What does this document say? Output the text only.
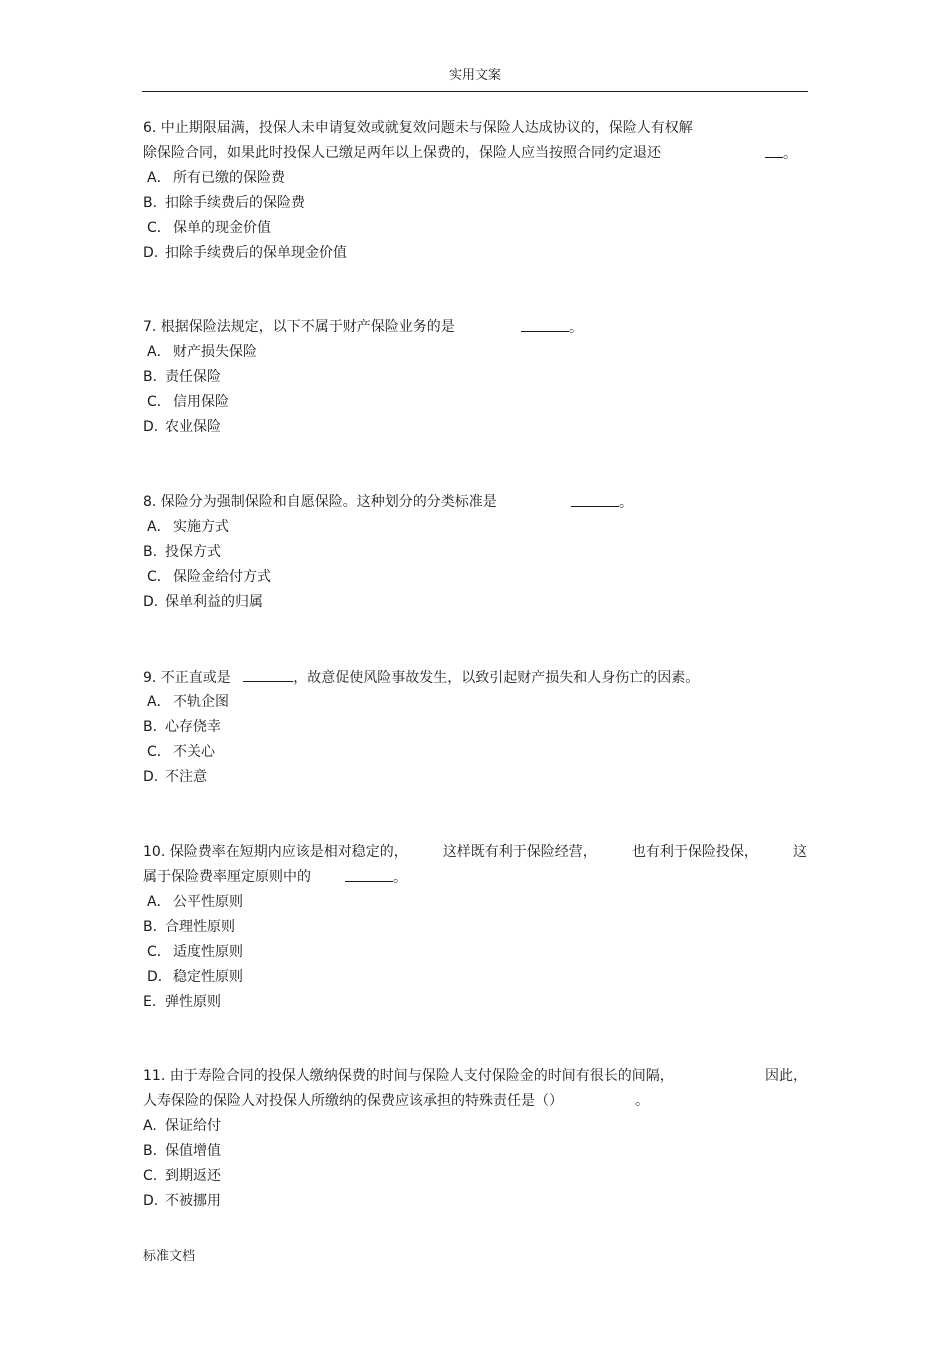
实用文案
6. 中止期限届满，投保人未申请复效或就复效问题未与保险人达成协议的，保险人有权解
除保险合同，如果此时投保人已缴足两年以上保费的，保险人应当按照合同约定退还	。
A． 所有已缴的保险费
B. 扣除手续费后的保险费
C． 保单的现金价值
D. 扣除手续费后的保单现金价值
7. 根据保险法规定，以下不属于财产保险业务的是	。
A． 财产损失保险
B. 责任保险
C． 信用保险
D. 农业保险
8. 保险分为强制保险和自愿保险。这种划分的分类标准是	。
A． 实施方式
B. 投保方式
C． 保险金给付方式
D. 保单利益的归属
9. 不正直或是	，故意促使风险事故发生，以致引起财产损失和人身伤亡的因素。
A． 不轨企图
B. 心存侥幸
C． 不关心
D. 不注意
10. 保险费率在短期内应该是相对稳定的，	这样既有利于保险经营，	也有利于保险投保，	这
属于保险费率厘定原则中的	。
A． 公平性原则
B. 合理性原则
C． 适度性原则
D．稳定性原则
E. 弹性原则
11. 由于寿险合同的投保人缴纳保费的时间与保险人支付保险金的时间有很长的间隔，	因此，
人寿保险的保险人对投保人所缴纳的保费应该承担的特殊责任是（）	。
A. 保证给付
B. 保值增值
C. 到期返还
D. 不被挪用
标准文档
